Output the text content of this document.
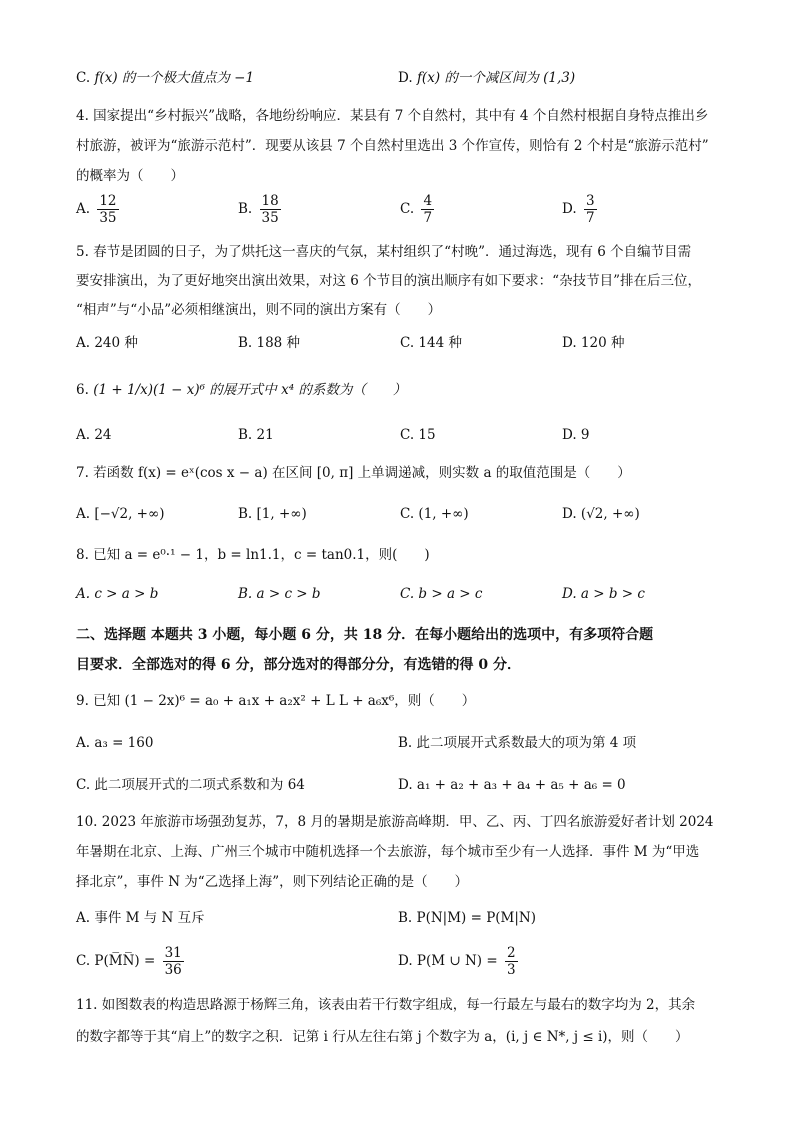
C. f(x) 的一个极大值点为 −1	D. f(x) 的一个减区间为 (1,3)
4. 国家提出“乡村振兴”战略，各地纷纷响应．某县有 7 个自然村，其中有 4 个自然村根据自身特点推出乡
村旅游，被评为“旅游示范村”．现要从该县 7 个自然村里选出 3 个作宣传，则恰有 2 个村是“旅游示范村”
的概率为（　　）
A. $\frac{12}{35}$	B. $\frac{18}{35}$	C. $\frac{4}{7}$	D. $\frac{3}{7}$
5. 春节是团圆的日子，为了烘托这一喜庆的气氛，某村组织了“村晚”．通过海选，现有 6 个自编节目需
要安排演出，为了更好地突出演出效果，对这 6 个节目的演出顺序有如下要求：“杂技节目”排在后三位，
“相声”与“小品”必须相继演出，则不同的演出方案有（　　）
A. 240 种	B. 188 种	C. 144 种	D. 120 种
6. (1 + 1/x)(1 − x)⁶ 的展开式中 x⁴ 的系数为（　　）
A. 24	B. 21	C. 15	D. 9
7. 若函数 f(x) = eˣ(cos x − a) 在区间 [0, π] 上单调递减，则实数 a 的取值范围是（　　）
A. [−√2, +∞)	B. [1, +∞)	C. (1, +∞)	D. (√2, +∞)
8. 已知 a = e⁰·¹ − 1，b = ln1.1，c = tan0.1，则(　　)
A. c > a > b	B. a > c > b	C. b > a > c	D. a > b > c
二、选择题 本题共 3 小题，每小题 6 分，共 18 分．在每小题给出的选项中，有多项符合题
目要求．全部选对的得 6 分，部分选对的得部分分，有选错的得 0 分．
9. 已知 (1 − 2x)⁶ = a₀ + a₁x + a₂x² + L L + a₆x⁶，则（　　）
A. a₃ = 160	B. 此二项展开式系数最大的项为第 4 项
C. 此二项展开式的二项式系数和为 64	D. a₁ + a₂ + a₃ + a₄ + a₅ + a₆ = 0
10. 2023 年旅游市场强劲复苏，7，8 月的暑期是旅游高峰期．甲、乙、丙、丁四名旅游爱好者计划 2024
年暑期在北京、上海、广州三个城市中随机选择一个去旅游，每个城市至少有一人选择．事件 M 为“甲选
择北京”，事件 N 为“乙选择上海”，则下列结论正确的是（　　）
A. 事件 M 与 N 互斥	B. P(N|M) = P(M|N)
C. P(M̅N̅) = $\frac{31}{36}$	D. P(M ∪ $N) = \frac{2}{3}$
11. 如图数表的构造思路源于杨辉三角，该表由若干行数字组成，每一行最左与最右的数字均为 2，其余
的数字都等于其“肩上”的数字之积．记第 i 行从左往右第 j 个数字为 a，(i, j ∈ N*, j ≤ i)，则（　　）
